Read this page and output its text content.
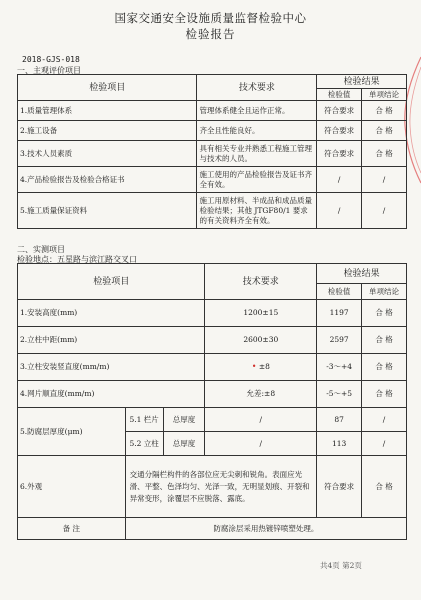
国家交通安全设施质量监督检验中心
检验报告
2018-GJS-018
一、主观评价项目
检验项目	技术要求	检验结果	
		检验值	单项结论
1.质量管理体系	管理体系健全且运作正常。	符合要求	合 格
2.施工设备	齐全且性能良好。	符合要求	合 格
3.技术人员素质	具有相关专业并熟悉工程施工管理与技术的人员。	符合要求	合 格
4.产品检验报告及检验合格证书	施工使用的产品检验报告及证书齐全有效。	/	/
5.施工质量保证资料	施工用原材料、半成品和成品质量检验结果；其他 JTGF80/1 要求的有关资料齐全有效。	/	/
二、实测项目
检验地点：五星路与滨江路交叉口
检验项目			技术要求	检验结果	
				检验值	单项结论
1.安装高度(mm)			1200±15	1197	合 格
2.立柱中距(mm)			2600±30	2597	合 格
3.立柱安装竖直度(mm/m)			• ±8	-3～+4	合 格
4.网片顺直度(mm/m)			允差:±8	-5～+5	合 格
5.防腐层厚度(μm)	5.1 栏片	总厚度	/	87	/
	5.2 立柱	总厚度	/	113	/
6.外观	交通分隔栏构件的各部位应无尖刺和锐角。表面应光滑、平整、色泽均匀、光泽一致，无明显划痕、开裂和异常变形，涂覆层不应脱落、露底。			符合要求	合 格
备 注	防腐涂层采用热镀锌喷塑处理。				
共4页 第2页
